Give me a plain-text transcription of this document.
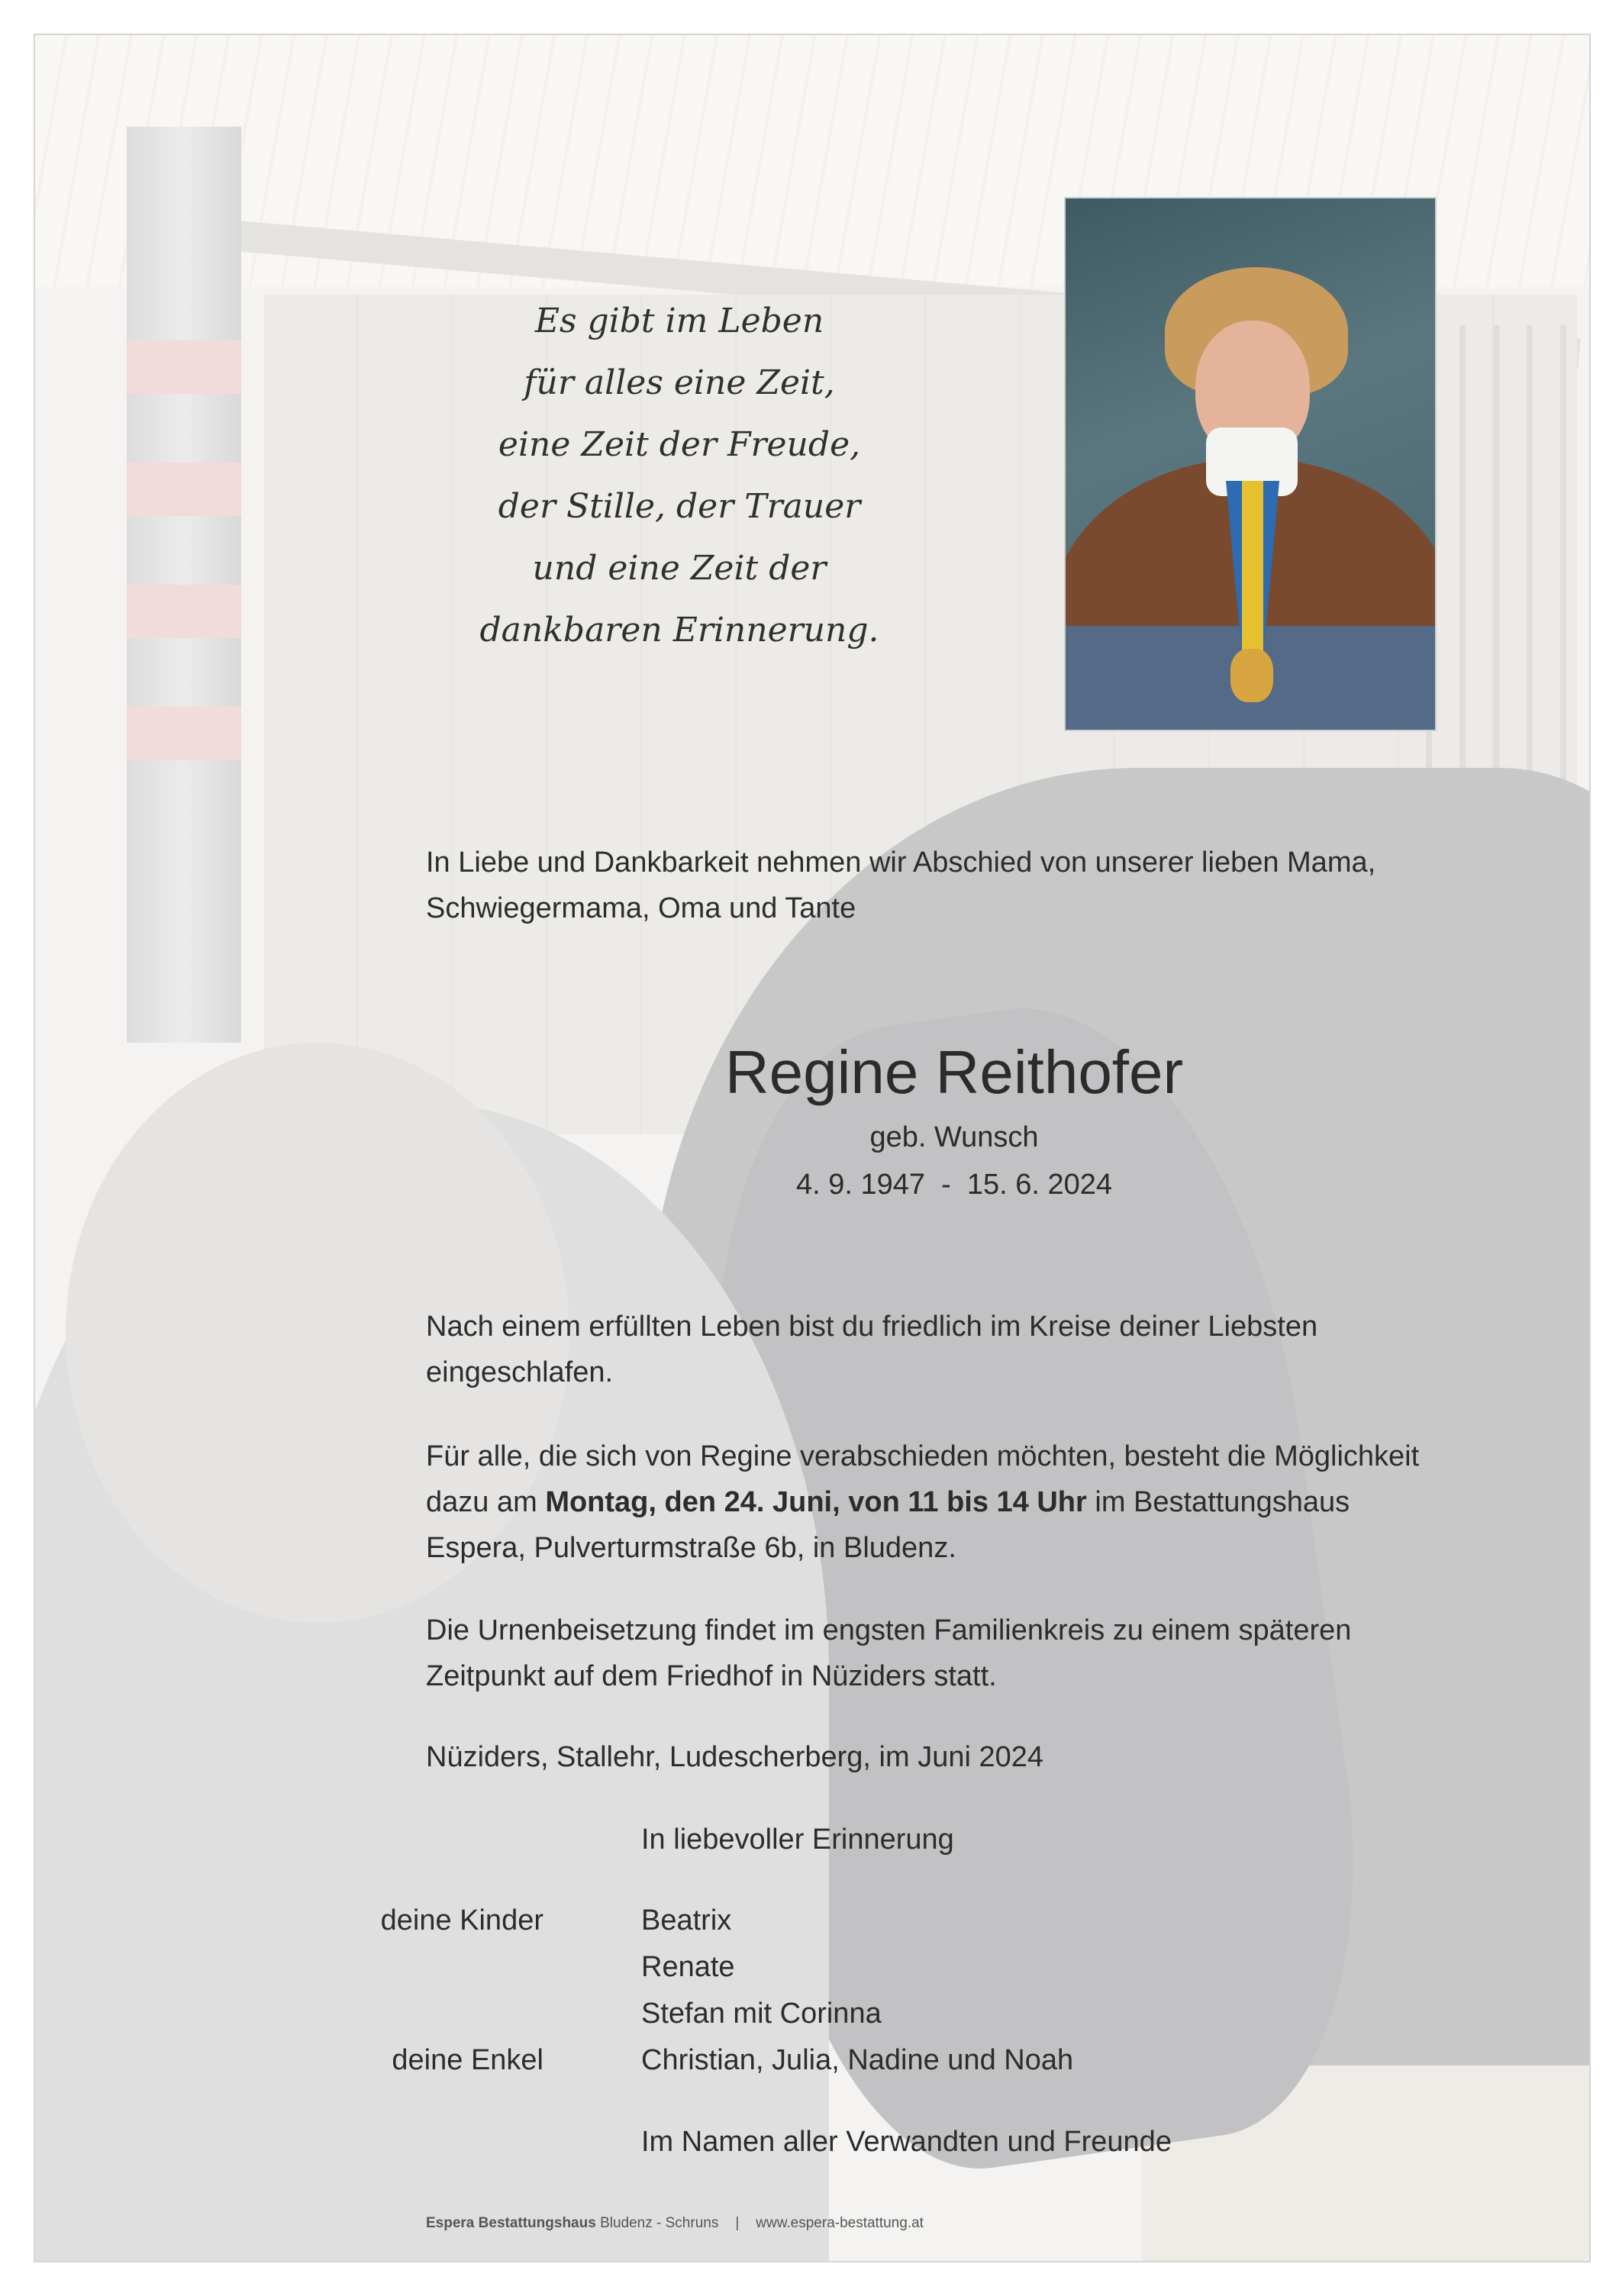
Es gibt im Leben
für alles eine Zeit,
eine Zeit der Freude,
der Stille, der Trauer
und eine Zeit der
dankbaren Erinnerung.

In Liebe und Dankbarkeit nehmen wir Abschied von unserer lieben Mama,

Schwiegermama, Oma und Tante

Regine Reithofer
geb. Wunsch
4. 9. 1947  -  15. 6. 2024

Nach einem erfüllten Leben bist du friedlich im Kreise deiner Liebsten

eingeschlafen.

Für alle, die sich von Regine verabschieden möchten, besteht die Möglichkeit

dazu am Montag, den 24. Juni, von 11 bis 14 Uhr im Bestattungshaus

Espera, Pulverturmstraße 6b, in Bludenz.

Die Urnenbeisetzung findet im engsten Familienkreis zu einem späteren

Zeitpunkt auf dem Friedhof in Nüziders statt.

Nüziders, Stallehr, Ludescherberg, im Juni 2024

In liebevoller Erinnerung
deine Kinder	Beatrix
Renate
Stefan mit Corinna
deine Enkel	Christian, Julia, Nadine und Noah
Im Namen aller Verwandten und Freunde
Espera Bestattungshaus Bludenz - Schruns | www.espera-bestattung.at
